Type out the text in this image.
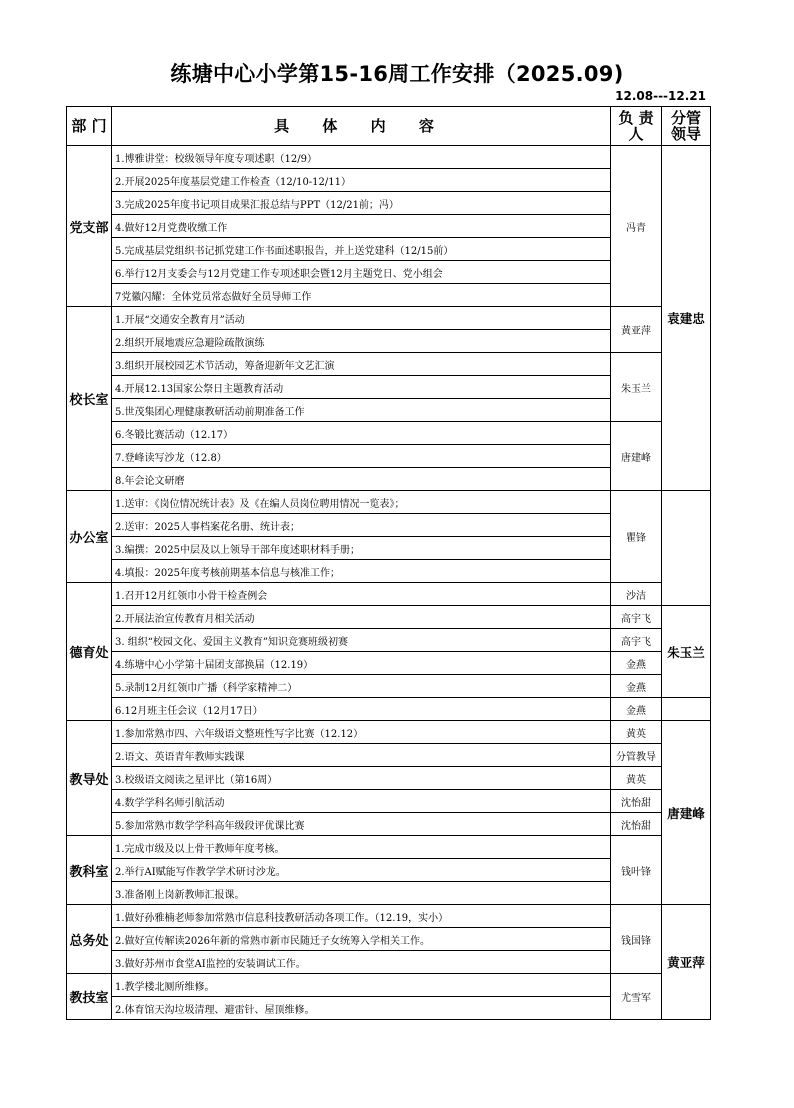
练塘中心小学第15-16周工作安排（2025.09)
12.08---12.21
部 门	具 体 内 容	负 责 人	分管 领导
党支部	1.博雅讲堂：校级领导年度专项述职（12/9）	冯青	袁建忠
	2.开展2025年度基层党建工作检查（12/10-12/11）		
	3.完成2025年度书记项目成果汇报总结与PPT（12/21前；冯）		
	4.做好12月党费收缴工作		
	5.完成基层党组织书记抓党建工作书面述职报告，并上送党建科（12/15前）		
	6.举行12月支委会与12月党建工作专项述职会暨12月主题党日、党小组会		
	7党徽闪耀：全体党员常态做好全员导师工作		
校长室	1.开展“交通安全教育月”活动	黄亚萍	
	2.组织开展地震应急避险疏散演练		
	3.组织开展校园艺术节活动，筹备迎新年文艺汇演	朱玉兰	
	4.开展12.13国家公祭日主题教育活动		
	5.世茂集团心理健康教研活动前期准备工作		
	6.冬锻比赛活动（12.17）	唐建峰	
	7.登峰读写沙龙（12.8）		
	8.年会论文研磨		
办公室	1.送审：《岗位情况统计表》及《在编人员岗位聘用情况一览表》；	瞿锋	
	2.送审：2025人事档案花名册、统计表；		
	3.编撰：2025中层及以上领导干部年度述职材料手册；		
	4.填报：2025年度考核前期基本信息与核准工作；		
德育处	1.召开12月红领巾小骨干检查例会	沙洁	
	2.开展法治宣传教育月相关活动	高宇飞	朱玉兰
	3. 组织“校园文化、爱国主义教育”知识竞赛班级初赛	高宇飞	
	4.练塘中心小学第十届团支部换届（12.19）	金燕	
	5.录制12月红领巾广播（科学家精神二）	金燕	
	6.12月班主任会议（12月17日）	金燕	
教导处	1.参加常熟市四、六年级语文整班性写字比赛（12.12）	黄英	唐建峰
	2.语文、英语青年教师实践课	分管教导	
	3.校级语文阅读之星评比（第16周）	黄英	
	4.数学学科名师引航活动	沈怡甜	
	5.参加常熟市数学学科高年级段评优课比赛	沈怡甜	
教科室	1.完成市级及以上骨干教师年度考核。	钱叶锋	
	2.举行AI赋能写作教学学术研讨沙龙。		
	3.准备刚上岗新教师汇报课。		
总务处	1.做好孙雅楠老师参加常熟市信息科技教研活动各项工作。（12.19，实小）	钱国锋	黄亚萍
	2.做好宣传解读2026年新的常熟市新市民随迁子女统筹入学相关工作。		
	3.做好苏州市食堂AI监控的安装调试工作。		
教技室	1.教学楼北厕所维修。	尤雪军	
	2.体育馆天沟垃圾清理、避雷针、屋顶维修。		
